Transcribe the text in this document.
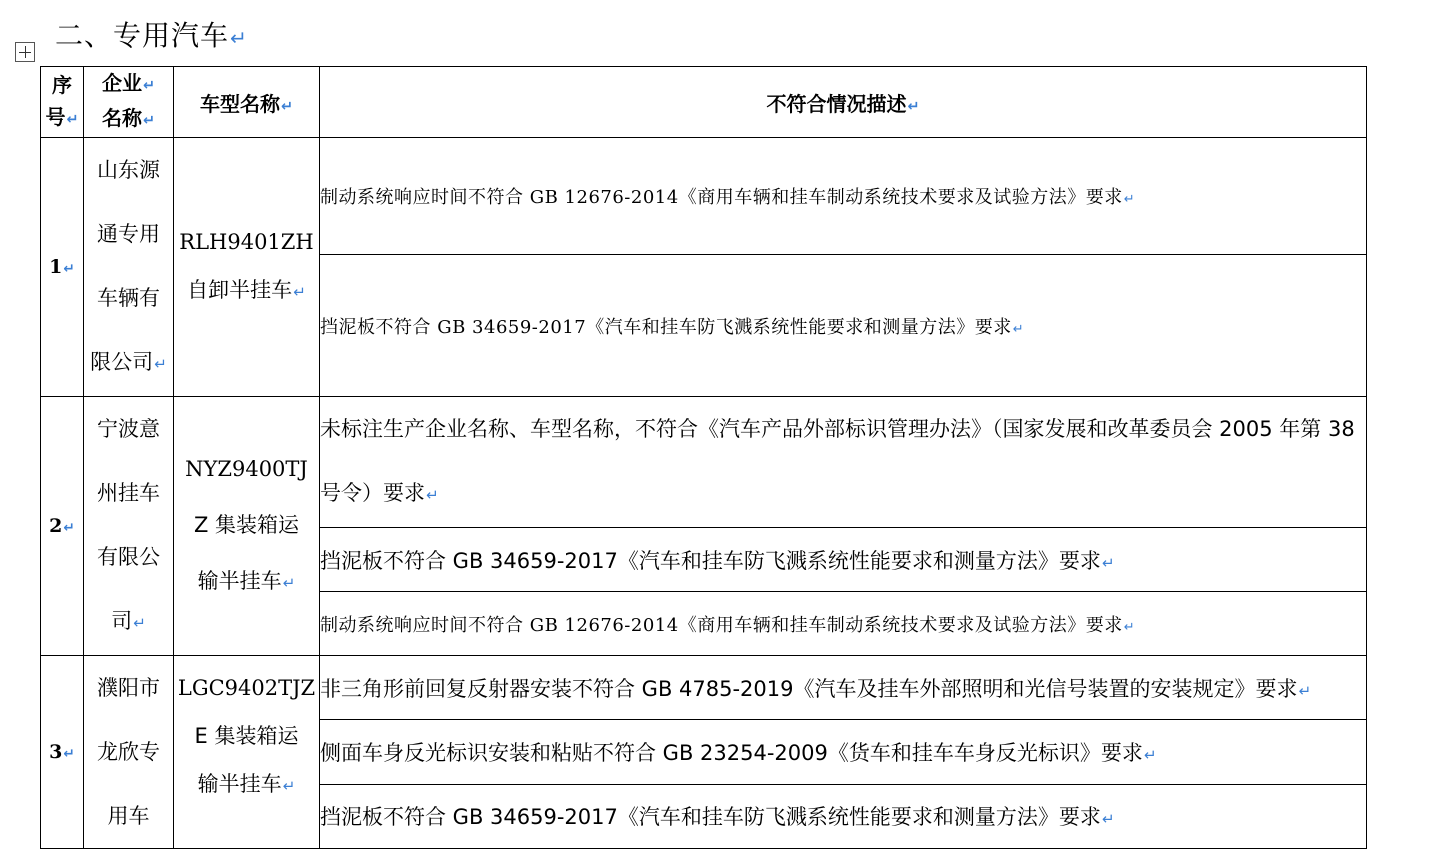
二、专用汽车↵
序
号↵	企业↵
名称↵	车型名称↵	不符合情况描述↵
1↵	山东源
通专用
车辆有
限公司↵	RLH9401ZH
自卸半挂车↵	制动系统响应时间不符合 GB 12676-2014《商用车辆和挂车制动系统技术要求及试验方法》要求↵
			挡泥板不符合 GB 34659-2017《汽车和挂车防飞溅系统性能要求和测量方法》要求↵
2↵	宁波意
州挂车
有限公
司↵	NYZ9400TJ
Z 集装箱运
输半挂车↵	未标注生产企业名称、车型名称，不符合《汽车产品外部标识管理办法》（国家发展和改革委员会 2005 年第 38 号令）要求↵
			挡泥板不符合 GB 34659-2017《汽车和挂车防飞溅系统性能要求和测量方法》要求↵
			制动系统响应时间不符合 GB 12676-2014《商用车辆和挂车制动系统技术要求及试验方法》要求↵
3↵	濮阳市
龙欣专
用车	LGC9402TJZ
E 集装箱运
输半挂车↵	非三角形前回复反射器安装不符合 GB 4785-2019《汽车及挂车外部照明和光信号装置的安装规定》要求↵
			侧面车身反光标识安装和粘贴不符合 GB 23254-2009《货车和挂车车身反光标识》要求↵
			挡泥板不符合 GB 34659-2017《汽车和挂车防飞溅系统性能要求和测量方法》要求↵
